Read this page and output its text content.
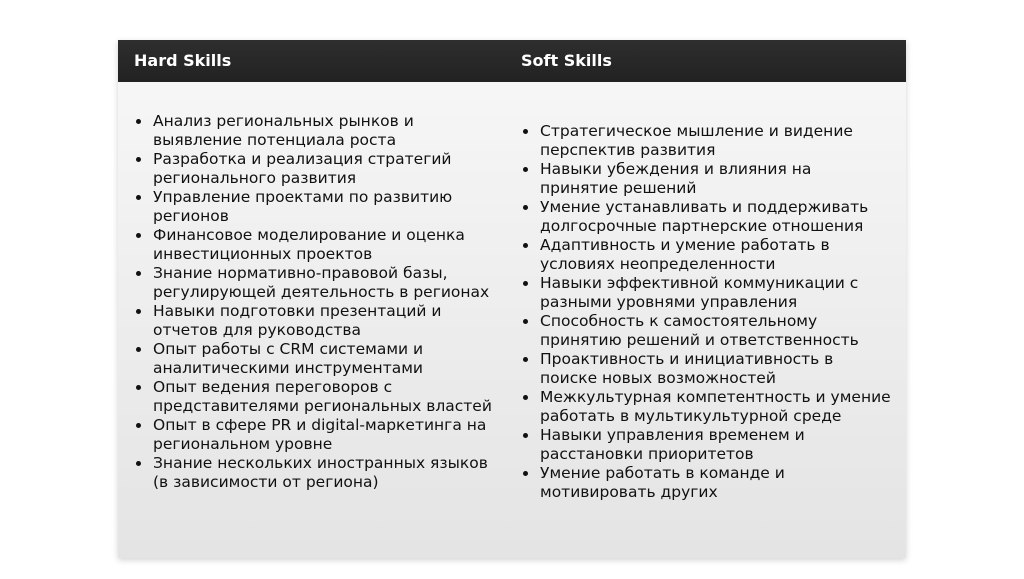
Hard Skills	Soft Skills
Анализ региональных рынков и выявление потенциала роста
Разработка и реализация стратегий регионального развития
Управление проектами по развитию регионов
Финансовое моделирование и оценка инвестиционных проектов
Знание нормативно-правовой базы, регулирующей деятельность в регионах
Навыки подготовки презентаций и отчетов для руководства
Опыт работы с CRM системами и аналитическими инструментами
Опыт ведения переговоров с представителями региональных властей
Опыт в сфере PR и digital-маркетинга на региональном уровне
Знание нескольких иностранных языков (в зависимости от региона)
Стратегическое мышление и видение перспектив развития
Навыки убеждения и влияния на принятие решений
Умение устанавливать и поддерживать долгосрочные партнерские отношения
Адаптивность и умение работать в условиях неопределенности
Навыки эффективной коммуникации с разными уровнями управления
Способность к самостоятельному принятию решений и ответственность
Проактивность и инициативность в поиске новых возможностей
Межкультурная компетентность и умение работать в мультикультурной среде
Навыки управления временем и расстановки приоритетов
Умение работать в команде и мотивировать других
